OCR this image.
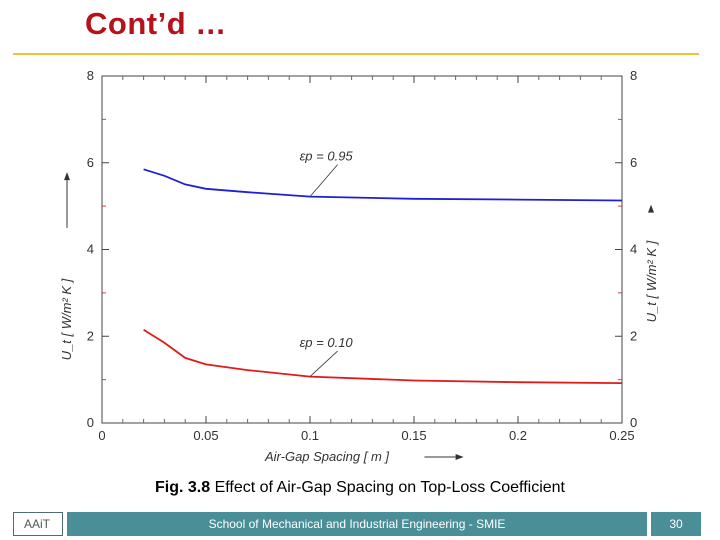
Cont’d …
0	0.05	0.1	0.15	0.2	0.25
0	0
2	2
4	4
6	6
8	8
εp = 0.95
εp = 0.10
Air-Gap Spacing [ m ]
U_t [ W/m² K ]	U_t [ W/m² K ]
Fig. 3.8 Effect of Air-Gap Spacing on Top-Loss Coefficient
AAiT	School of Mechanical and Industrial Engineering - SMIE	30
